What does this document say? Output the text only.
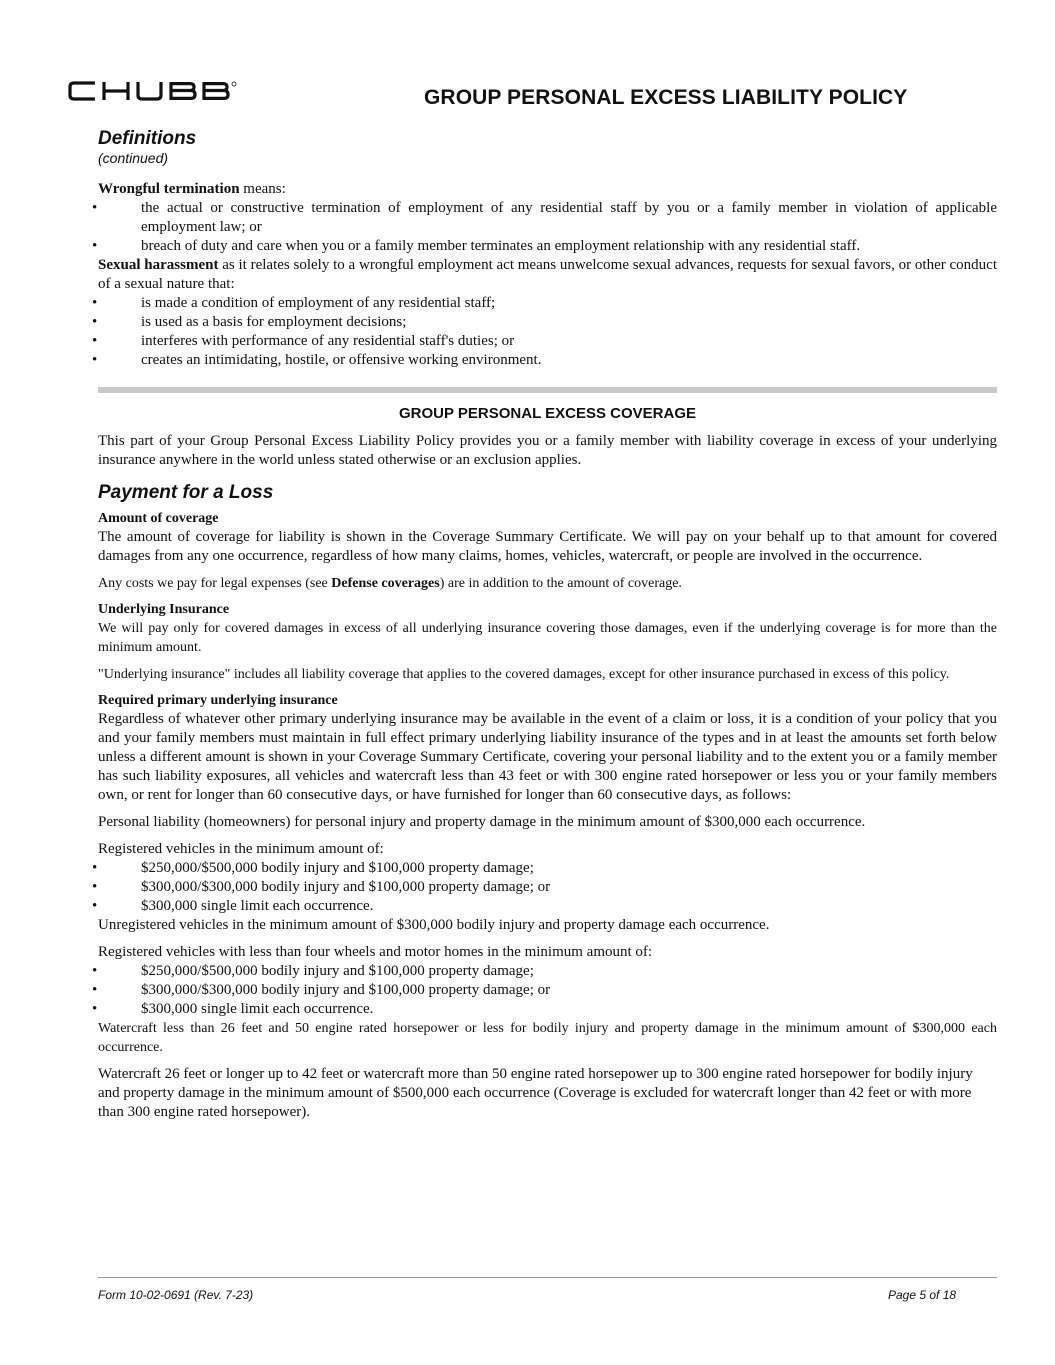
GROUP PERSONAL EXCESS LIABILITY POLICY
Definitions
(continued)

Wrongful termination means:

•	the actual or constructive termination of employment of any residential staff by you or a family member in violation of applicable employment law; or
•	breach of duty and care when you or a family member terminates an employment relationship with any residential staff.

Sexual harassment as it relates solely to a wrongful employment act means unwelcome sexual advances, requests for sexual favors, or other conduct of a sexual nature that:

•	is made a condition of employment of any residential staff;
•	is used as a basis for employment decisions;
•	interferes with performance of any residential staff's duties; or
•	creates an intimidating, hostile, or offensive working environment.
GROUP PERSONAL EXCESS COVERAGE

This part of your Group Personal Excess Liability Policy provides you or a family member with liability coverage in excess of your underlying insurance anywhere in the world unless stated otherwise or an exclusion applies.

Payment for a Loss
Amount of coverage

The amount of coverage for liability is shown in the Coverage Summary Certificate. We will pay on your behalf up to that amount for covered damages from any one occurrence, regardless of how many claims, homes, vehicles, watercraft, or people are involved in the occurrence.

Any costs we pay for legal expenses (see Defense coverages) are in addition to the amount of coverage.

Underlying Insurance

We will pay only for covered damages in excess of all underlying insurance covering those damages, even if the underlying coverage is for more than the minimum amount.

"Underlying insurance" includes all liability coverage that applies to the covered damages, except for other insurance purchased in excess of this policy.

Required primary underlying insurance

Regardless of whatever other primary underlying insurance may be available in the event of a claim or loss, it is a condition of your policy that you and your family members must maintain in full effect primary underlying liability insurance of the types and in at least the amounts set forth below unless a different amount is shown in your Coverage Summary Certificate, covering your personal liability and to the extent you or a family member has such liability exposures, all vehicles and watercraft less than 43 feet or with 300 engine rated horsepower or less you or your family members own, or rent for longer than 60 consecutive days, or have furnished for longer than 60 consecutive days, as follows:

Personal liability (homeowners) for personal injury and property damage in the minimum amount of $300,000 each occurrence.

Registered vehicles in the minimum amount of:

•	$250,000/$500,000 bodily injury and $100,000 property damage;
•	$300,000/$300,000 bodily injury and $100,000 property damage; or
•	$300,000 single limit each occurrence.

Unregistered vehicles in the minimum amount of $300,000 bodily injury and property damage each occurrence.

Registered vehicles with less than four wheels and motor homes in the minimum amount of:

•	$250,000/$500,000 bodily injury and $100,000 property damage;
•	$300,000/$300,000 bodily injury and $100,000 property damage; or
•	$300,000 single limit each occurrence.

Watercraft less than 26 feet and 50 engine rated horsepower or less for bodily injury and property damage in the minimum amount of $300,000 each occurrence.

Watercraft 26 feet or longer up to 42 feet or watercraft more than 50 engine rated horsepower up to 300 engine rated horsepower for bodily injury and property damage in the minimum amount of $500,000 each occurrence (Coverage is excluded for watercraft longer than 42 feet or with more than 300 engine rated horsepower).

Form 10-02-0691 (Rev. 7-23)	Page 5 of 18
